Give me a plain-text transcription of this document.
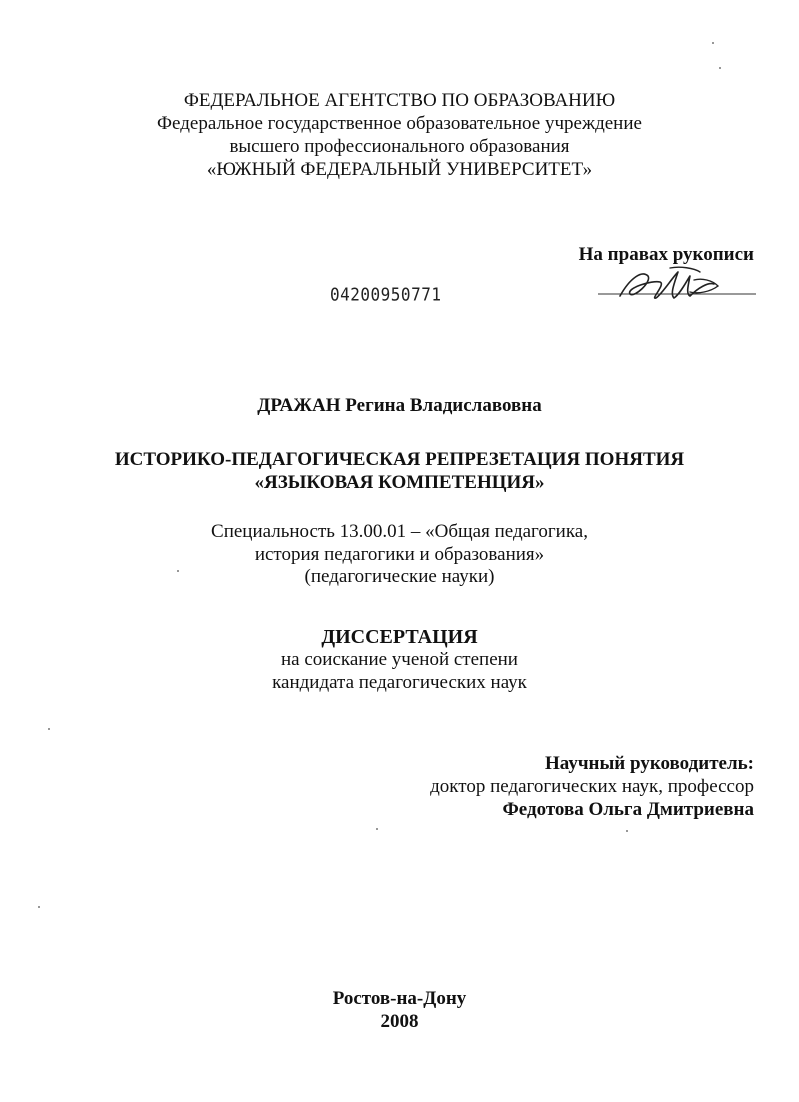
ФЕДЕРАЛЬНОЕ АГЕНТСТВО ПО ОБРАЗОВАНИЮ
Федеральное государственное образовательное учреждение
высшего профессионального образования
«ЮЖНЫЙ ФЕДЕРАЛЬНЫЙ УНИВЕРСИТЕТ»
На правах рукописи
04200950771
ДРАЖАН Регина Владиславовна
ИСТОРИКО-ПЕДАГОГИЧЕСКАЯ РЕПРЕЗЕТАЦИЯ ПОНЯТИЯ
«ЯЗЫКОВАЯ КОМПЕТЕНЦИЯ»
Специальность 13.00.01 – «Общая педагогика,
история педагогики и образования»
(педагогические науки)
ДИССЕРТАЦИЯ
на соискание ученой степени
кандидата педагогических наук
Научный руководитель:
доктор педагогических наук, профессор
Федотова Ольга Дмитриевна
Ростов-на-Дону
2008
